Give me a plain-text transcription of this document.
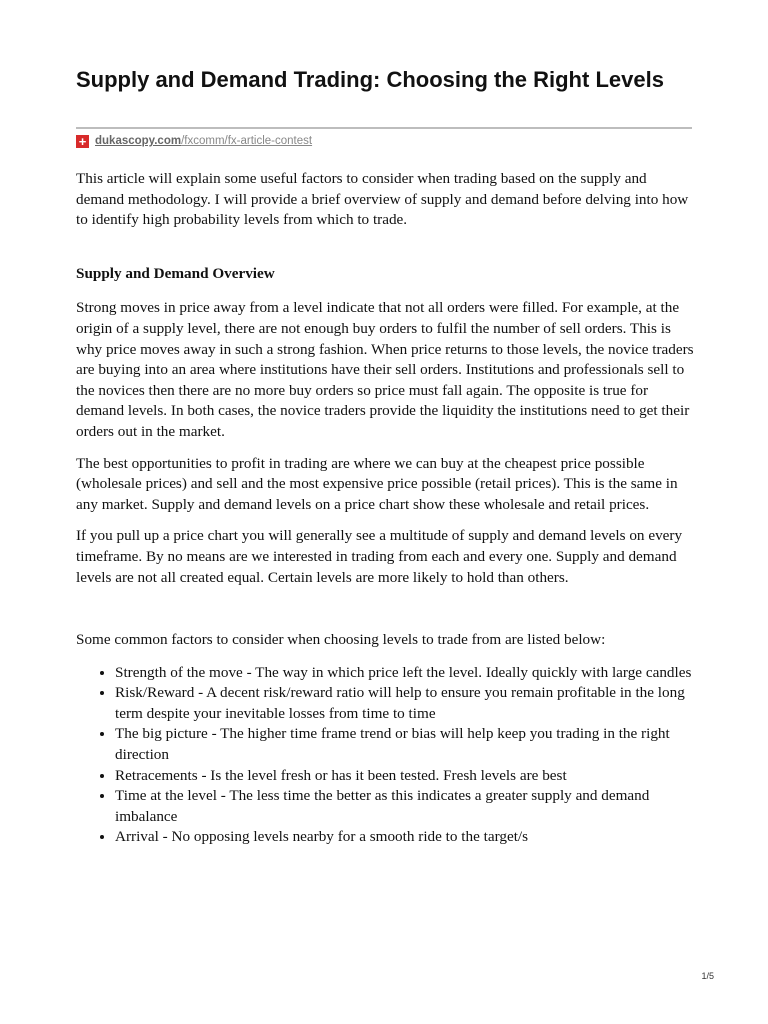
Supply and Demand Trading: Choosing the Right Levels
+ dukascopy.com /fxcomm/fx-article-contest

This article will explain some useful factors to consider when trading based on the supply and demand methodology. I will provide a brief overview of supply and demand before delving into how to identify high probability levels from which to trade.

Supply and Demand Overview

Strong moves in price away from a level indicate that not all orders were filled. For example, at the origin of a supply level, there are not enough buy orders to fulfil the number of sell orders. This is why price moves away in such a strong fashion. When price returns to those levels, the novice traders are buying into an area where institutions have their sell orders. Institutions and professionals sell to the novices then there are no more buy orders so price must fall again. The opposite is true for demand levels. In both cases, the novice traders provide the liquidity the institutions need to get their orders out in the market.

The best opportunities to profit in trading are where we can buy at the cheapest price possible (wholesale prices) and sell and the most expensive price possible (retail prices). This is the same in any market. Supply and demand levels on a price chart show these wholesale and retail prices.

If you pull up a price chart you will generally see a multitude of supply and demand levels on every timeframe. By no means are we interested in trading from each and every one. Supply and demand levels are not all created equal. Certain levels are more likely to hold than others.

Some common factors to consider when choosing levels to trade from are listed below:

• Strength of the move - The way in which price left the level. Ideally quickly with large candles
• Risk/Reward - A decent risk/reward ratio will help to ensure you remain profitable in the long term despite your inevitable losses from time to time
• The big picture - The higher time frame trend or bias will help keep you trading in the right direction
• Retracements - Is the level fresh or has it been tested. Fresh levels are best
• Time at the level - The less time the better as this indicates a greater supply and demand imbalance
• Arrival - No opposing levels nearby for a smooth ride to the target/s
1/5
